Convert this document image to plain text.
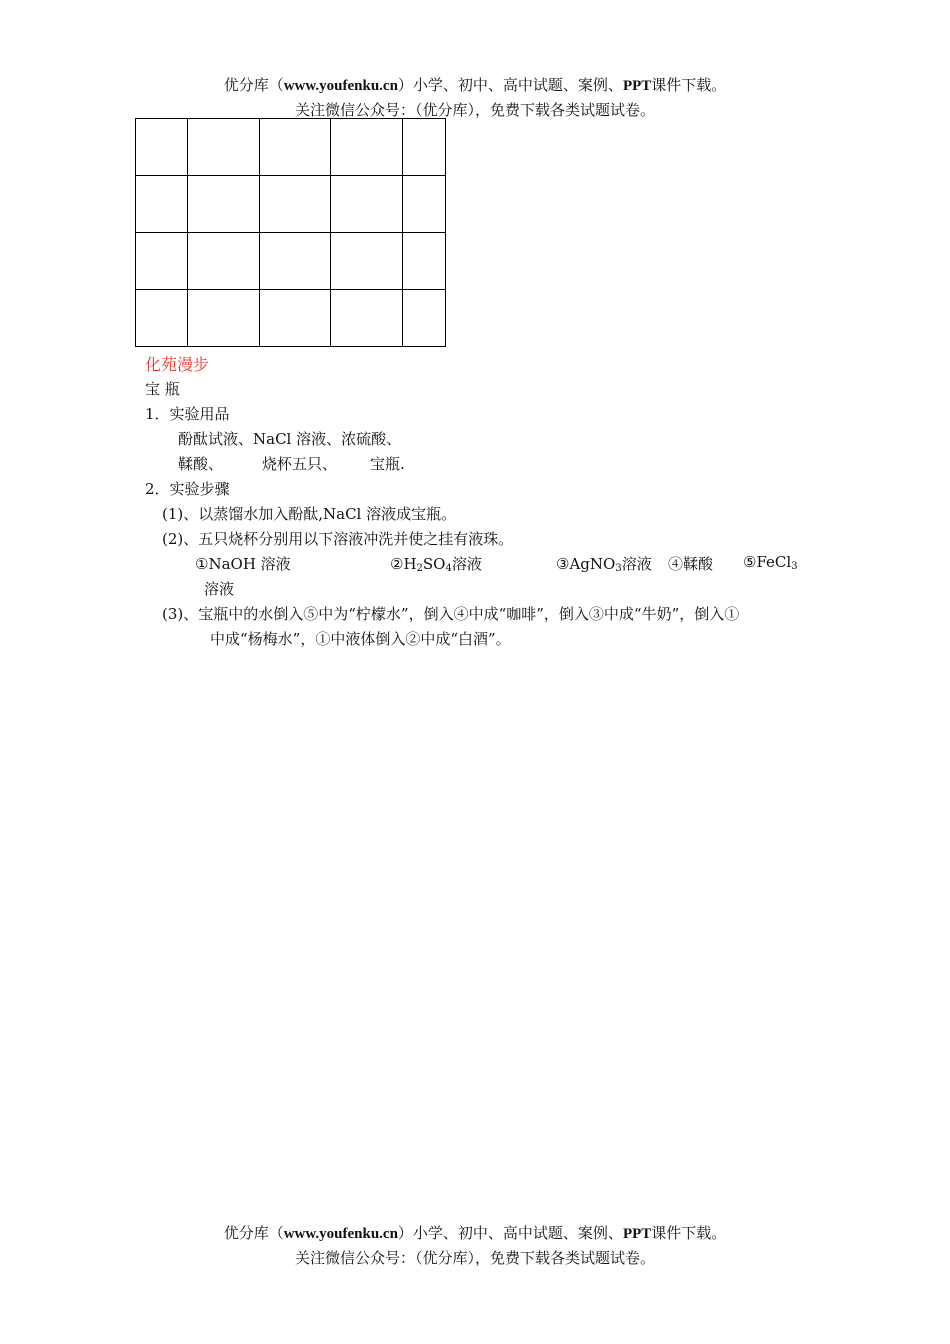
优分库（www.youfenku.cn）小学、初中、高中试题、案例、PPT课件下载。
关注微信公众号：（优分库），免费下载各类试题试卷。

化苑漫步
宝 瓶
1．实验用品
酚酞试液、NaCl 溶液、浓硫酸、
鞣酸、	烧杯五只、 宝瓶.
2．实验步骤
(1)、以蒸馏水加入酚酞,NaCl 溶液成宝瓶。
(2)、五只烧杯分别用以下溶液冲洗并使之挂有液珠。
①NaOH 溶液	$②H_2SO_4$溶液	③AgNO$_3$溶液 ④鞣酸 ⑤FeCl$_3$
溶液
(3)、宝瓶中的水倒入⑤中为“柠檬水”，倒入④中成“咖啡”，倒入③中成“牛奶”，倒入①
中成“杨梅水”，①中液体倒入②中成“白酒”。
优分库（www.youfenku.cn）小学、初中、高中试题、案例、PPT课件下载。
关注微信公众号：（优分库），免费下载各类试题试卷。
